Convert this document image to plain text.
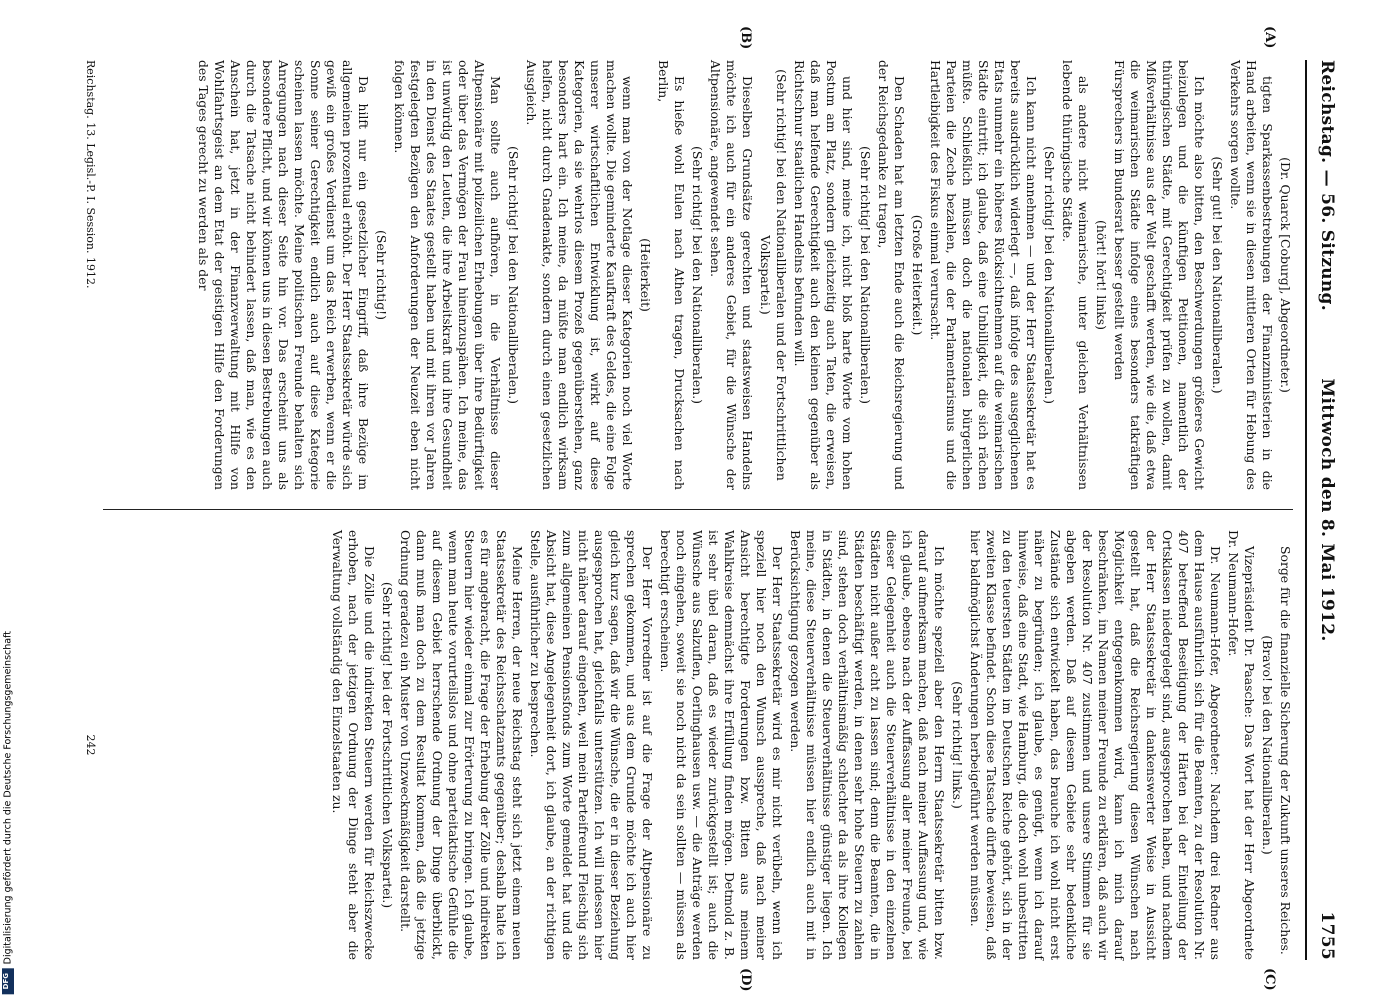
Reichstag. — 56. Sitzung.
Mittwoch den 8. Mai 1912.
1755
(A)
(B)
(C)
(D)

(Dr. Quarck [Coburg], Abgeordneter.)

tigten Sparkassenbestrebungen der Finanzministerien in die Hand arbeiten, wenn sie in diesen mittleren Orten für Hebung des Verkehrs sorgen wollte.

(Sehr gut! bei den Nationalliberalen.)

Ich möchte also bitten, den Beschwerdungen größeres Gewicht beizulegen und die künftigen Petitionen, namentlich der thüringischen Städte, mit Gerechtigkeit prüfen zu wollen, damit Mißverhältnisse aus der Welt geschafft werden, wie die, daß etwa die weimarischen Städte infolge eines besonders tatkräftigen Fürsprechers im Bundesrat besser gestellt werden

(hört! hört! links)

als andere nicht weimarische, unter gleichen Verhältnissen lebende thüringische Städte.

(Sehr richtig! bei den Nationalliberalen.)

Ich kann nicht annehmen — und der Herr Staatssekretär hat es bereits ausdrücklich widerlegt —, daß infolge des ausgeglichenen Etats nunmehr ein höheres Rücksichtnehmen auf die weimarischen Städte eintritt; ich glaube, daß eine Unbilligkeit, die sich rächen müßte. Schließlich müssen doch die nationalen bürgerlichen Parteien die Zeche bezahlen, die der Parlamentarismus und die Hartleibigkeit des Fiskus einmal verursacht.

(Große Heiterkeit.)

Den Schaden hat am letzten Ende auch die Reichsregierung und der Reichsgedanke zu tragen,

(Sehr richtig! bei den Nationalliberalen.)

und hier sind, meine ich, nicht bloß harte Worte vom hohen Postum am Platz, sondern gleichzeitig auch Taten, die erweisen, daß man helfende Gerechtigkeit auch den kleinen gegenüber als Richtschnur staatlichen Handelns befunden will.

(Sehr richtig! bei den Nationalliberalen und der Fortschrittlichen Volkspartei.)

Dieselben Grundsätze gerechten und staatsweisen Handelns möchte ich auch für ein anderes Gebiet, für die Wünsche der Altpensionäre, angewendet sehen.

(Sehr richtig! bei den Nationalliberalen.)

Es hieße wohl Eulen nach Athen tragen, Drucksachen nach Berlin,

(Heiterkeit)

wenn man von der Notlage dieser Kategorien noch viel Worte machen wollte. Die geminderte Kaufkraft des Geldes, die eine Folge unserer wirtschaftlichen Entwicklung ist, wirkt auf diese Kategorien, da sie wehrlos diesem Prozeß gegenüberstehen, ganz besonders hart ein. Ich meine, da müßte man endlich wirksam helfen, nicht durch Gnadenakte, sondern durch einen gesetzlichen Ausgleich.

(Sehr richtig! bei den Nationalliberalen.)

Man sollte auch aufhören, in die Verhältnisse dieser Altpensionäre mit polizeilichen Erhebungen über ihre Bedürftigkeit oder über das Vermögen der Frau hineinzuspähen. Ich meine, das ist unwürdig den Leuten, die ihre Arbeitskraft und ihre Gesundheit in den Dienst des Staates gestellt haben und mit ihren vor Jahren festgelegten Bezügen den Anforderungen der Neuzeit eben nicht folgen können.

(Sehr richtig!)

Da hilft nur ein gesetzlicher Eingriff, daß ihre Bezüge im allgemeinen prozentual erhöht. Der Herr Staatssekretär würde sich gewiß ein großes Verdienst um das Reich erwerben, wenn er die Sonne seiner Gerechtigkeit endlich auch auf diese Kategorie scheinen lassen möchte. Meine politischen Freunde behalten sich Anregungen nach dieser Seite hin vor. Das erscheint uns als besondere Pflicht, und wir können uns in diesen Bestrebungen auch durch die Tatsache nicht behindert lassen, daß man, wie es den Anschein hat, jetzt in der Finanzverwaltung mit Hilfe von Wohlfahrtsgeist an dem Etat der geistigen Hilfe den Forderungen des Tages gerecht zu werden als der

Sorge für die finanzielle Sicherung der Zukunft unseres Reiches.

(Bravo! bei den Nationalliberalen.)

Vizepräsident Dr. Paasche: Das Wort hat der Herr Abgeordnete Dr. Neumann-Hofer.

Dr. Neumann-Hofer, Abgeordneter: Nachdem drei Redner aus dem Hause ausführlich sich für die Beamten, zu der Resolution Nr. 407 betreffend Beseitigung der Härten bei der Einteilung der Ortsklassen niedergelegt sind, ausgesprochen haben, und nachdem der Herr Staatssekretär in dankenswerter Weise in Aussicht gestellt hat, daß die Reichsregierung diesen Wünschen nach Möglichkeit entgegenkommen wird, kann ich mich darauf beschränken, im Namen meiner Freunde zu erklären, daß auch wir der Resolution Nr. 407 zustimmen und unsere Stimmen für sie abgeben werden. Daß auf diesem Gebiete sehr bedenkliche Zustände sich entwickelt haben, das brauche ich wohl nicht erst näher zu begründen; ich glaube, es genügt, wenn ich darauf hinweise, daß eine Stadt, wie Hamburg, die doch wohl unbestritten zu den teuersten Städten im Deutschen Reiche gehört, sich in der zweiten Klasse befindet. Schon diese Tatsache dürfte beweisen, daß hier baldmöglichst Änderungen herbeigeführt werden müssen.

(Sehr richtig! links.)

Ich möchte speziell aber den Herrn Staatssekretär bitten bzw. darauf aufmerksam machen, daß nach meiner Auffassung und, wie ich glaube, ebenso nach der Auffassung aller meiner Freunde, bei dieser Gelegenheit auch die Steuerverhältnisse in den einzelnen Städten nicht außer acht zu lassen sind; denn die Beamten, die in Städten beschäftigt werden, in denen sehr hohe Steuern zu zahlen sind, stehen doch verhältnismäßig schlechter da als ihre Kollegen in Städten, in denen die Steuerverhältnisse günstiger liegen. Ich meine, diese Steuerverhältnisse müssen hier endlich auch mit in Berücksichtigung gezogen werden.

Der Herr Staatssekretär wird es mir nicht verübeln, wenn ich speziell hier noch den Wunsch ausspreche, daß nach meiner Ansicht berechtigte Forderungen bzw. Bitten aus meinem Wahlkreise demnächst ihre Erfüllung finden mögen. Detmold z. B. ist sehr übel daran, daß es wieder zurückgestellt ist; auch die Wünsche aus Salzuflen, Oerlinghausen usw. — die Anträge werden noch eingehen, soweit sie noch nicht da sein sollten — müssen als berechtigt erscheinen.

Der Herr Vorredner ist auf die Frage der Altpensionäre zu sprechen gekommen, und aus dem Grunde möchte ich auch hier gleich kurz sagen, daß wir die Wünsche, die er in dieser Beziehung ausgesprochen hat, gleichfalls unterstützen. Ich will indessen hier nicht näher darauf eingehen, weil mein Parteifreund Fleischig sich zum allgemeinen Pensionsfonds zum Worte gemeldet hat und die Absicht hat, diese Angelegenheit dort, ich glaube, an der richtigen Stelle, ausführlicher zu besprechen.

Meine Herren, der neue Reichstag steht sich jetzt einem neuen Staatssekretär des Reichsschatzamts gegenüber; deshalb halte ich es für angebracht, die Frage der Erhebung der Zölle und indirekten Steuern hier wieder einmal zur Erörterung zu bringen. Ich glaube, wenn man heute vorurteilslos und ohne parteitaktische Gefühle die auf diesem Gebiet herrschende Ordnung der Dinge überblickt, dann muß man doch zu dem Resultat kommen, daß die jetzige Ordnung geradezu ein Muster von Unzweckmäßigkeit darstellt.

(Sehr richtig! bei der Fortschrittlichen Volkspartei.)

Die Zölle und die indirekten Steuern werden für Reichszwecke erhoben, nach der jetzigen Ordnung der Dinge steht aber die Verwaltung vollständig den Einzelstaaten zu.

Reichstag. 13. Legisl.-P. I. Session. 1912.
242
DFG
Digitalisierung gefördert durch die Deutsche Forschungsgemeinschaft
